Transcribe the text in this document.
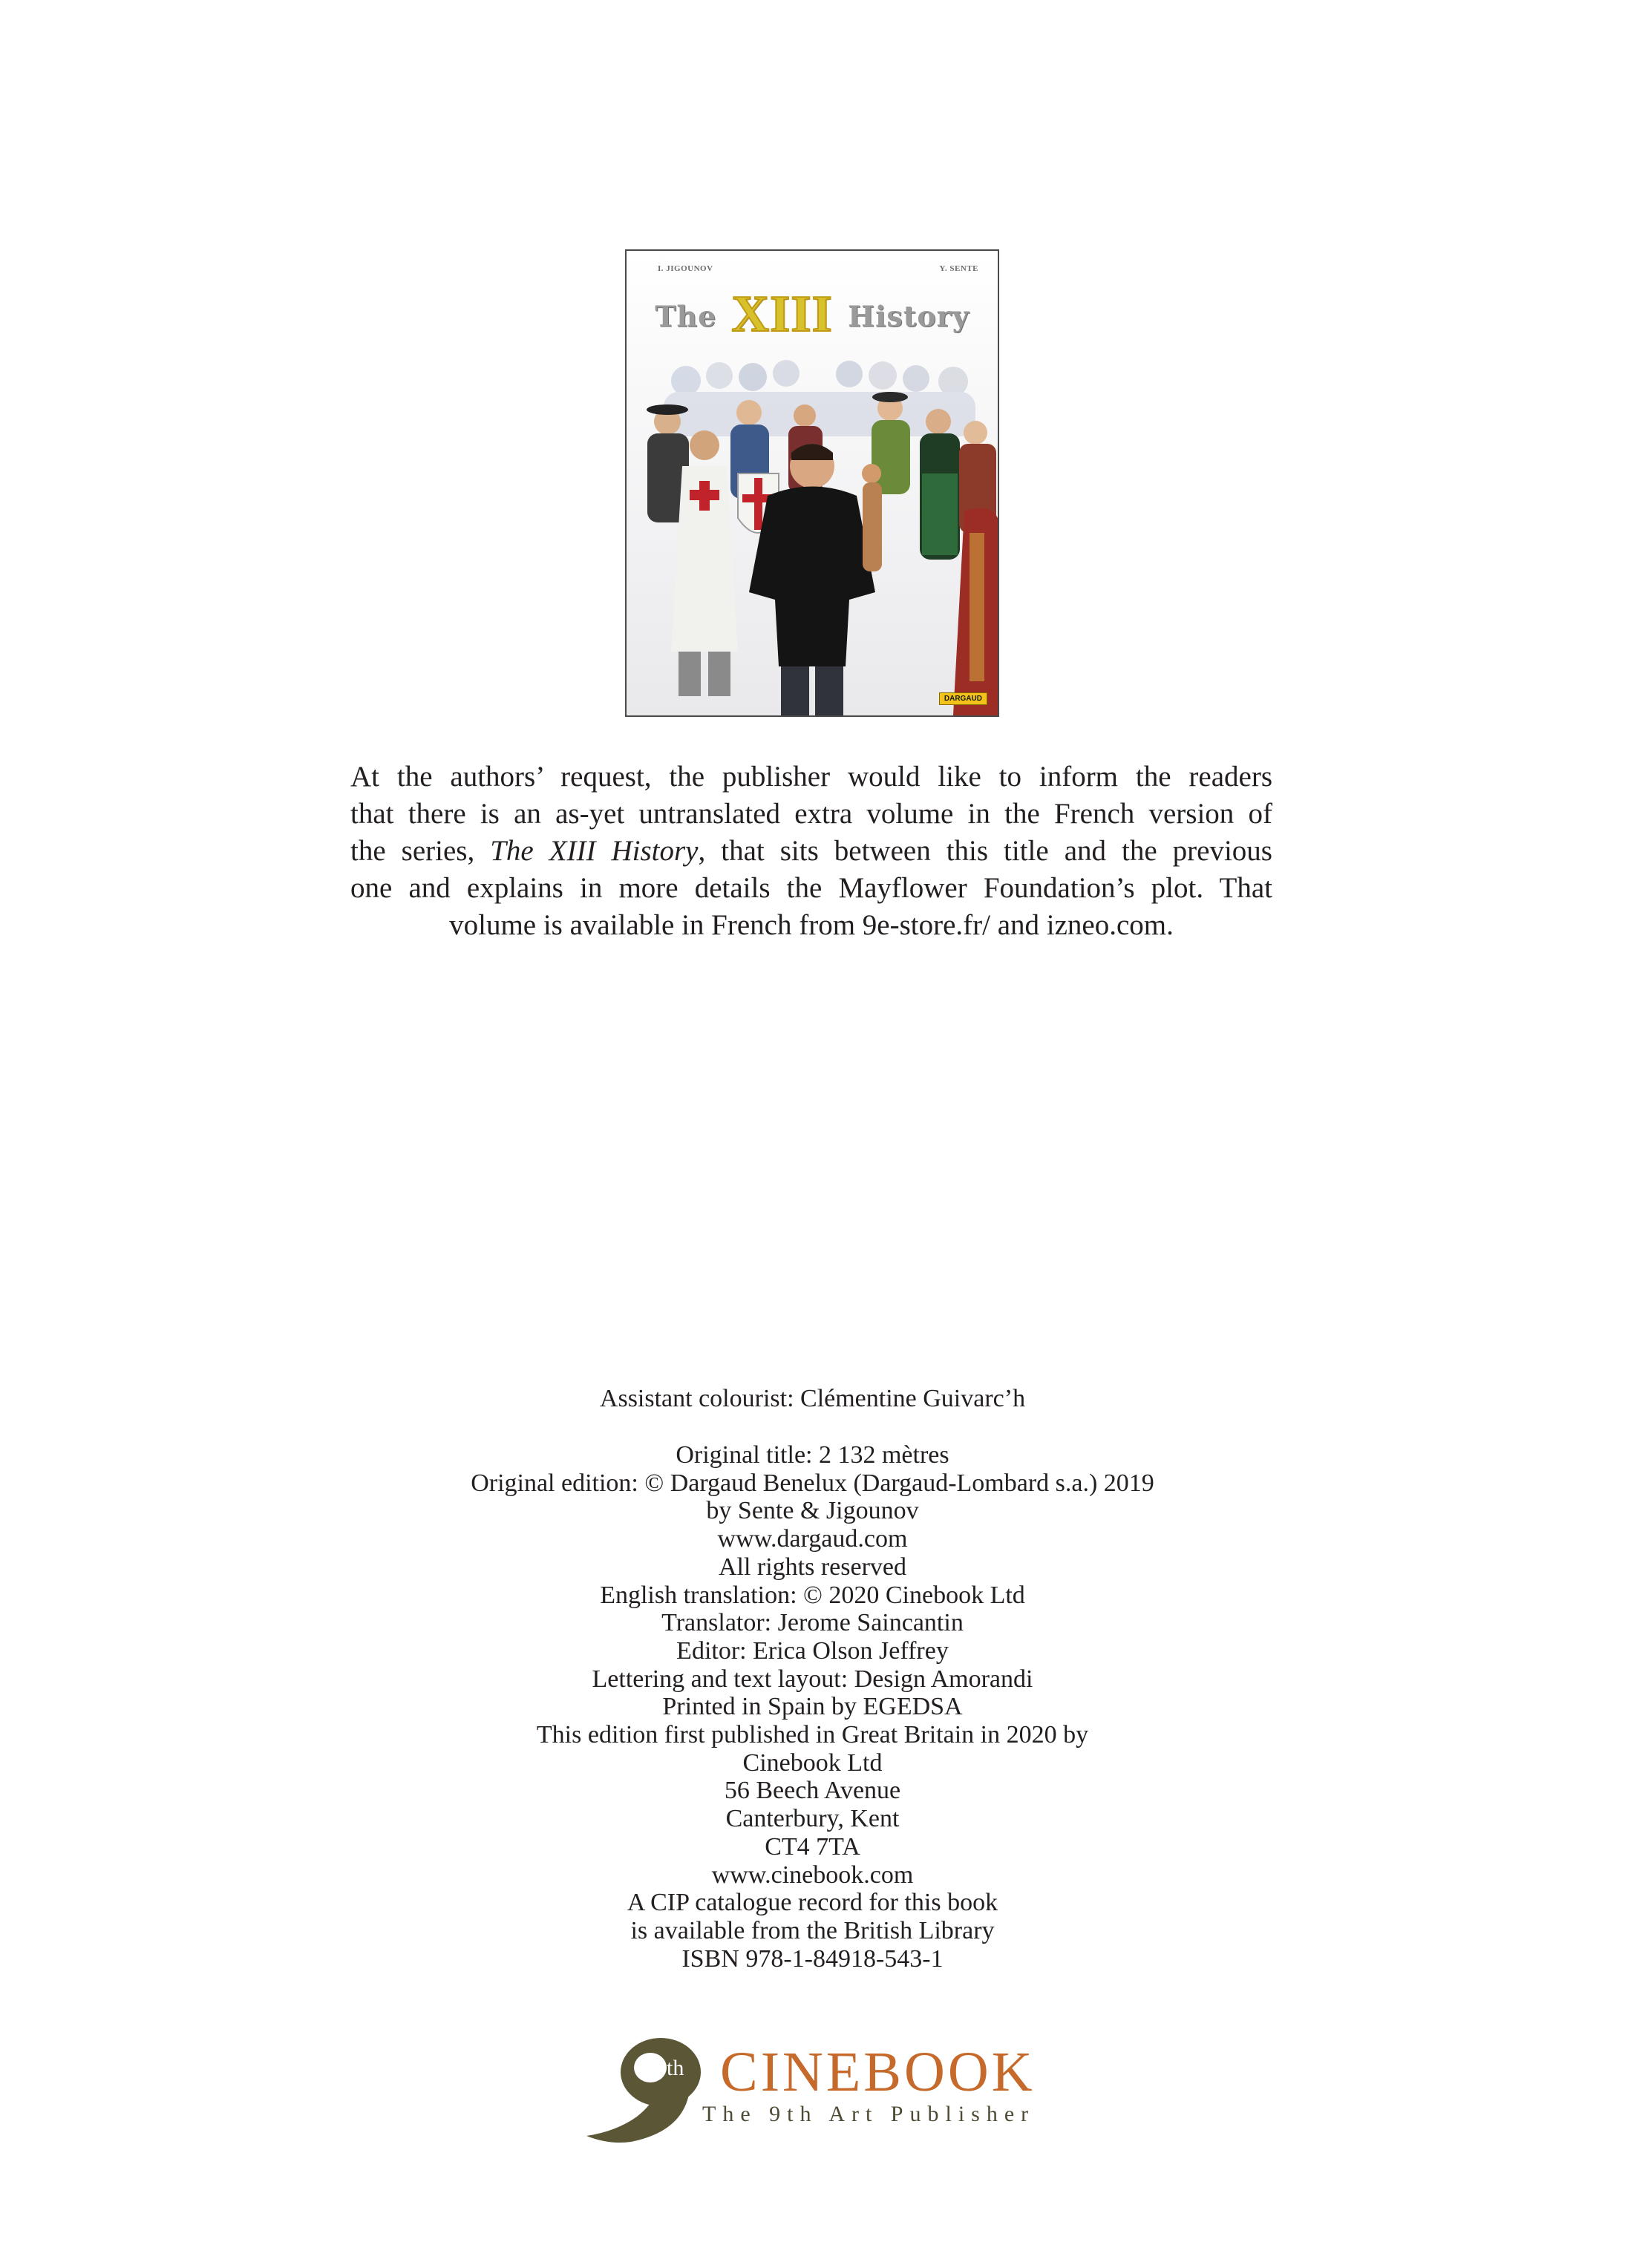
I. JIGOUNOV	Y. SENTE
The XIII History
DARGAUD

At the authors’ request, the publisher would like to inform the readers
that there is an as-yet untranslated extra volume in the French version of
the series, The XIII History, that sits between this title and the previous
one and explains in more details the Mayflower Foundation’s plot. That
volume is available in French from 9e-store.fr/ and izneo.com.

Assistant colourist: Clémentine Guivarc’h
Original title: 2 132 mètres
Original edition: © Dargaud Benelux (Dargaud-Lombard s.a.) 2019
by Sente & Jigounov
www.dargaud.com
All rights reserved
English translation: © 2020 Cinebook Ltd
Translator: Jerome Saincantin
Editor: Erica Olson Jeffrey
Lettering and text layout: Design Amorandi
Printed in Spain by EGEDSA
This edition first published in Great Britain in 2020 by
Cinebook Ltd
56 Beech Avenue
Canterbury, Kent
CT4 7TA
www.cinebook.com
A CIP catalogue record for this book
is available from the British Library
ISBN 978-1-84918-543-1
th CINEBOOK
The 9th Art Publisher
